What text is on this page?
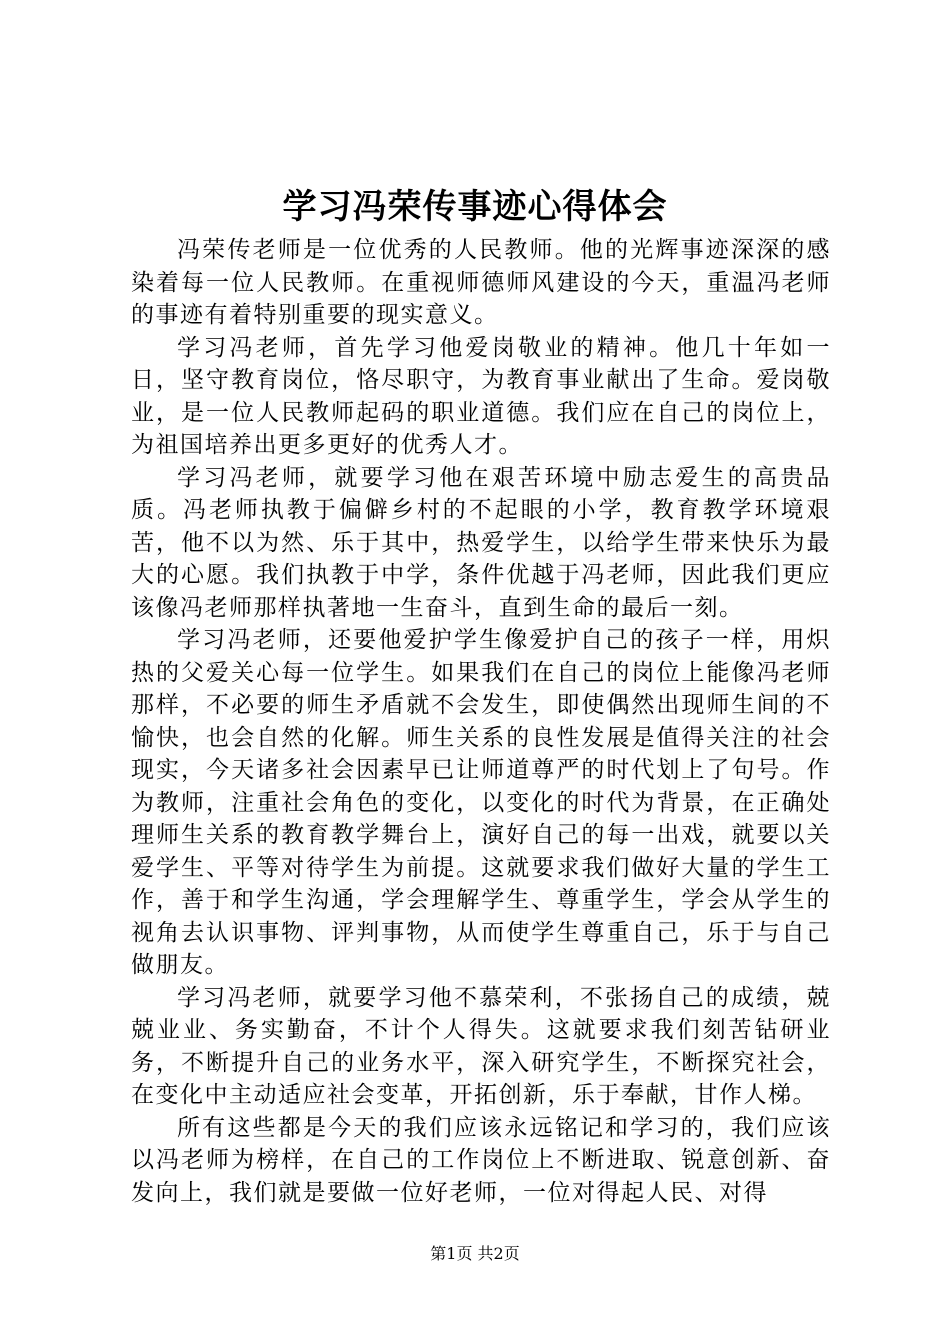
学习冯荣传事迹心得体会

冯荣传老师是一位优秀的人民教师。他的光辉事迹深深的感染着每一位人民教师。在重视师德师风建设的今天，重温冯老师的事迹有着特别重要的现实意义。

学习冯老师，首先学习他爱岗敬业的精神。他几十年如一日，坚守教育岗位，恪尽职守，为教育事业献出了生命。爱岗敬业，是一位人民教师起码的职业道德。我们应在自己的岗位上，为祖国培养出更多更好的优秀人才。

学习冯老师，就要学习他在艰苦环境中励志爱生的高贵品质。冯老师执教于偏僻乡村的不起眼的小学，教育教学环境艰苦，他不以为然、乐于其中，热爱学生，以给学生带来快乐为最大的心愿。我们执教于中学，条件优越于冯老师，因此我们更应该像冯老师那样执著地一生奋斗，直到生命的最后一刻。

学习冯老师，还要他爱护学生像爱护自己的孩子一样，用炽热的父爱关心每一位学生。如果我们在自己的岗位上能像冯老师那样，不必要的师生矛盾就不会发生，即使偶然出现师生间的不愉快，也会自然的化解。师生关系的良性发展是值得关注的社会现实，今天诸多社会因素早已让师道尊严的时代划上了句号。作为教师，注重社会角色的变化，以变化的时代为背景，在正确处理师生关系的教育教学舞台上，演好自己的每一出戏，就要以关爱学生、平等对待学生为前提。这就要求我们做好大量的学生工作，善于和学生沟通，学会理解学生、尊重学生，学会从学生的视角去认识事物、评判事物，从而使学生尊重自己，乐于与自己做朋友。

学习冯老师，就要学习他不慕荣利，不张扬自己的成绩，兢兢业业、务实勤奋，不计个人得失。这就要求我们刻苦钻研业务，不断提升自己的业务水平，深入研究学生，不断探究社会，在变化中主动适应社会变革，开拓创新，乐于奉献，甘作人梯。

所有这些都是今天的我们应该永远铭记和学习的，我们应该以冯老师为榜样，在自己的工作岗位上不断进取、锐意创新、奋发向上，我们就是要做一位好老师，一位对得起人民、对得

第1页 共2页
